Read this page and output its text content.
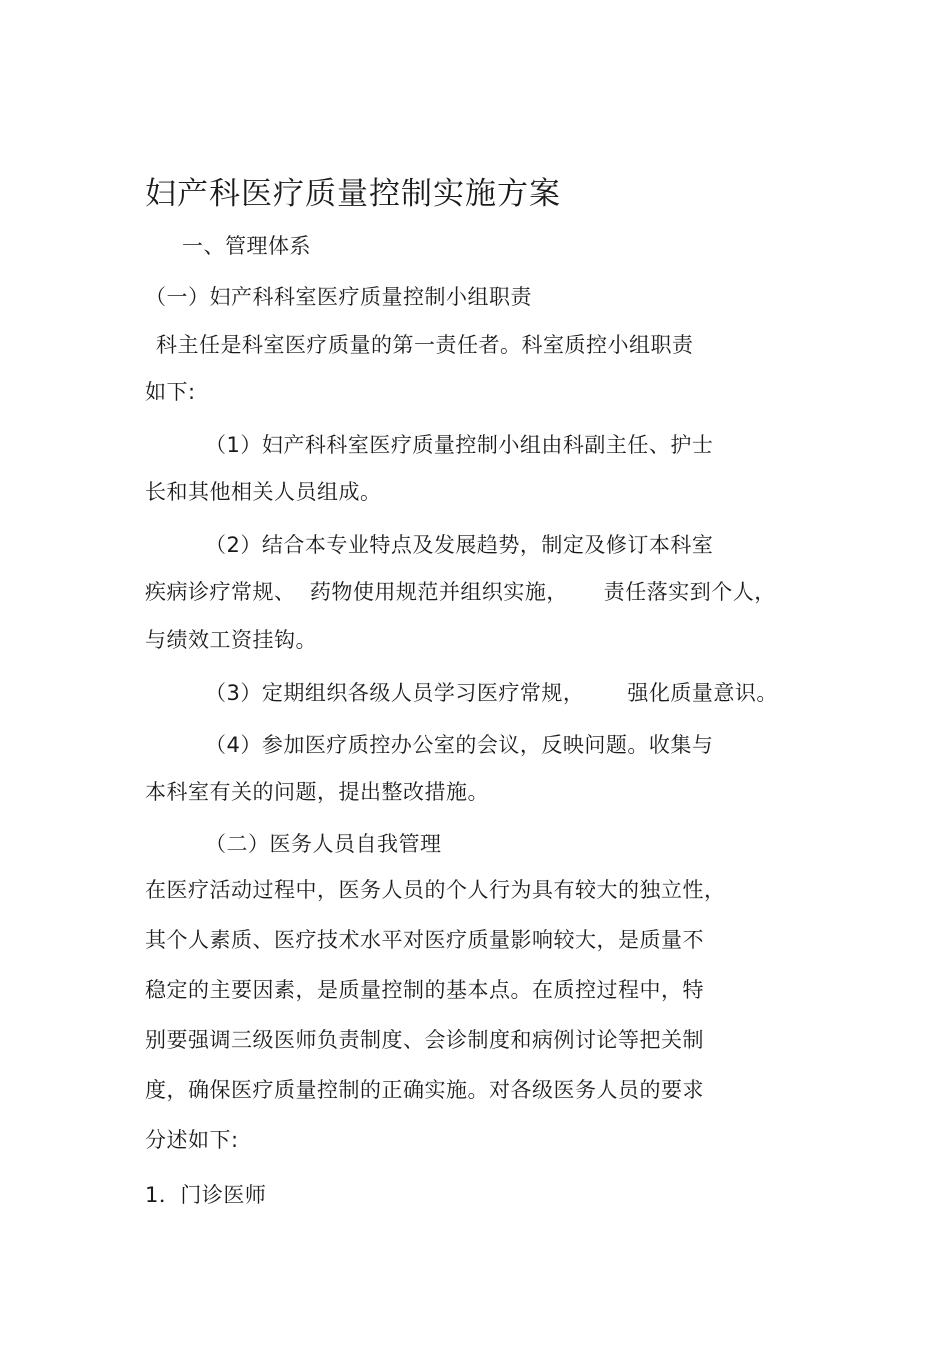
妇产科医疗质量控制实施方案
一、管理体系
（一）妇产科科室医疗质量控制小组职责
科主任是科室医疗质量的第一责任者。科室质控小组职责
如下:
（1）妇产科科室医疗质量控制小组由科副主任、护士
长和其他相关人员组成。
（2）结合本专业特点及发展趋势，制定及修订本科室
疾病诊疗常规、  药物使用规范并组织实施，     责任落实到个人，
与绩效工资挂钩。
（3）定期组织各级人员学习医疗常规，      强化质量意识。
（4）参加医疗质控办公室的会议，反映问题。收集与
本科室有关的问题，提出整改措施。
（二）医务人员自我管理
在医疗活动过程中，医务人员的个人行为具有较大的独立性，
其个人素质、医疗技术水平对医疗质量影响较大，是质量不
稳定的主要因素，是质量控制的基本点。在质控过程中，特
别要强调三级医师负责制度、会诊制度和病例讨论等把关制
度，确保医疗质量控制的正确实施。对各级医务人员的要求
分述如下:
1．门诊医师
